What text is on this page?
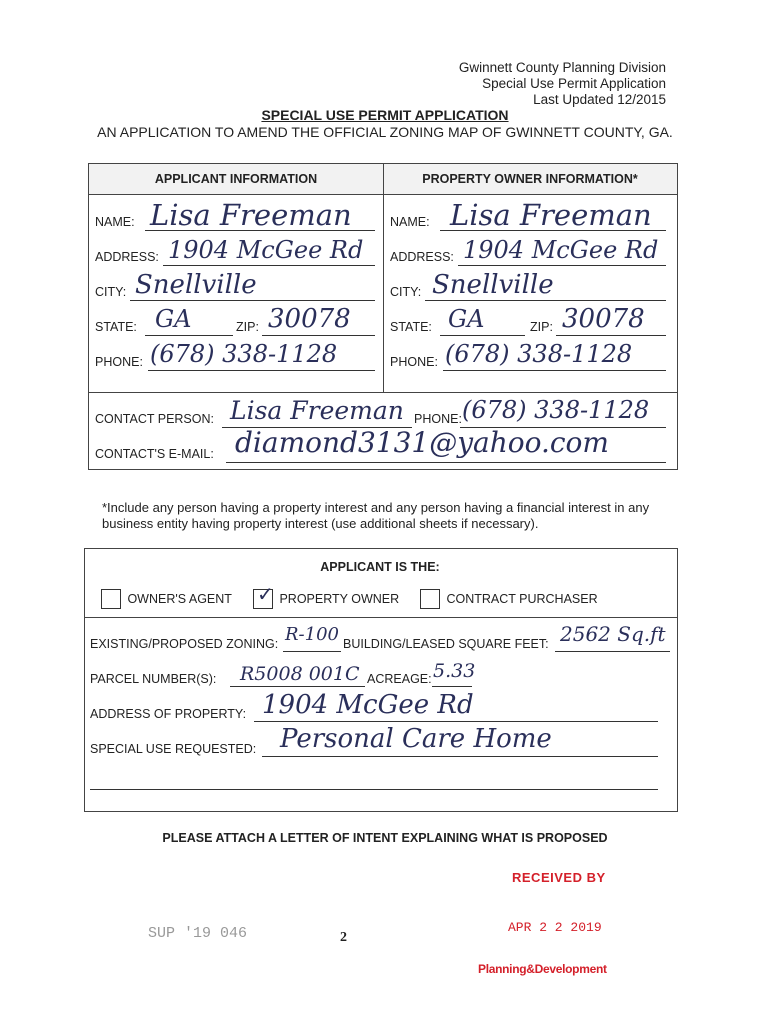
Gwinnett County Planning Division
Special Use Permit Application
Last Updated 12/2015
SPECIAL USE PERMIT APPLICATION
AN APPLICATION TO AMEND THE OFFICIAL ZONING MAP OF GWINNETT COUNTY, GA.
APPLICANT INFORMATION	PROPERTY OWNER INFORMATION*
NAME: Lisa Freeman
ADDRESS: 1904 McGee Rd
CITY: Snellville
STATE: GA	ZIP: 30078
PHONE: (678) 338-1128
NAME: Lisa Freeman
ADDRESS: 1904 McGee Rd
CITY: Snellville
STATE: GA	ZIP: 30078
PHONE: (678) 338-1128
CONTACT PERSON: Lisa Freeman PHONE: (678) 338-1128
CONTACT'S E-MAIL: diamond3131@yahoo.com
*Include any person having a property interest and any person having a financial interest in any business entity having property interest (use additional sheets if necessary).
APPLICANT IS THE:
OWNER'S AGENT ✓ PROPERTY OWNER	CONTRACT PURCHASER
EXISTING/PROPOSED ZONING: R-100 BUILDING/LEASED SQUARE FEET: 2562 Sq.ft
PARCEL NUMBER(S): R5008 001C ACREAGE: 5.33
ADDRESS OF PROPERTY: 1904 McGee Rd
SPECIAL USE REQUESTED: Personal Care Home
PLEASE ATTACH A LETTER OF INTENT EXPLAINING WHAT IS PROPOSED
RECEIVED BY
APR 2 2 2019
Planning&Development
SUP '19 046	2
